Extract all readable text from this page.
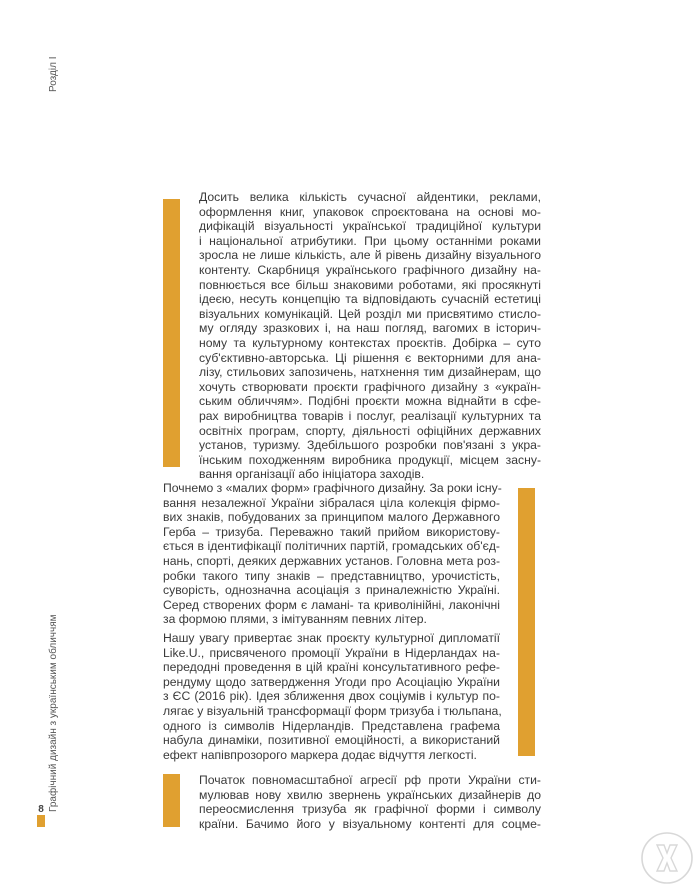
Розділ I
Графічний дизайн з українським обличчям
8
Досить велика кількість сучасної айдентики, реклами,
оформлення книг, упаковок спроєктована на основі мо-
дифікацій візуальності української традиційної культури
і національної атрибутики. При цьому останніми роками
зросла не лише кількість, але й рівень дизайну візуального
контенту. Скарбниця українського графічного дизайну на-
повнюється все більш знаковими роботами, які просякнуті
ідеєю, несуть концепцію та відповідають сучасній естетиці
візуальних комунікацій. Цей розділ ми присвятимо стисло-
му огляду зразкових і, на наш погляд, вагомих в історич-
ному та культурному контекстах проєктів. Добірка – суто
суб'єктивно-авторська. Ці рішення є векторними для ана-
лізу, стильових запозичень, натхнення тим дизайнерам, що
хочуть створювати проєкти графічного дизайну з «україн-
ським обличчям». Подібні проєкти можна віднайти в сфе-
рах виробництва товарів і послуг, реалізації культурних та
освітніх програм, спорту, діяльності офіційних державних
установ, туризму. Здебільшого розробки пов'язані з укра-
їнським походженням виробника продукції, місцем засну-
вання організації або ініціатора заходів.
Почнемо з «малих форм» графічного дизайну. За роки існу-
вання незалежної України зібралася ціла колекція фірмо-
вих знаків, побудованих за принципом малого Державного
Герба – тризуба. Переважно такий прийом використову-
ється в ідентифікації політичних партій, громадських об'єд-
нань, спорті, деяких державних установ. Головна мета роз-
робки такого типу знаків – представництво, урочистість,
суворість, однозначна асоціація з приналежністю Україні.
Серед створених форм є ламані- та криволінійні, лаконічні
за формою плями, з імітуванням певних літер.
Нашу увагу привертає знак проєкту культурної дипломатії
Like.U., присвяченого промоції України в Нідерландах на-
передодні проведення в цій країні консультативного рефе-
рендуму щодо затвердження Угоди про Асоціацію України
з ЄС (2016 рік). Ідея зближення двох соціумів і культур по-
лягає у візуальній трансформації форм тризуба і тюльпана,
одного із символів Нідерландів. Представлена графема
набула динаміки, позитивної емоційності, а використаний
ефект напівпрозорого маркера додає відчуття легкості.
Початок повномасштабної агресії рф проти України сти-
мулював нову хвилю звернень українських дизайнерів до
переосмислення тризуба як графічної форми і символу
країни. Бачимо його у візуальному контенті для соцме-
